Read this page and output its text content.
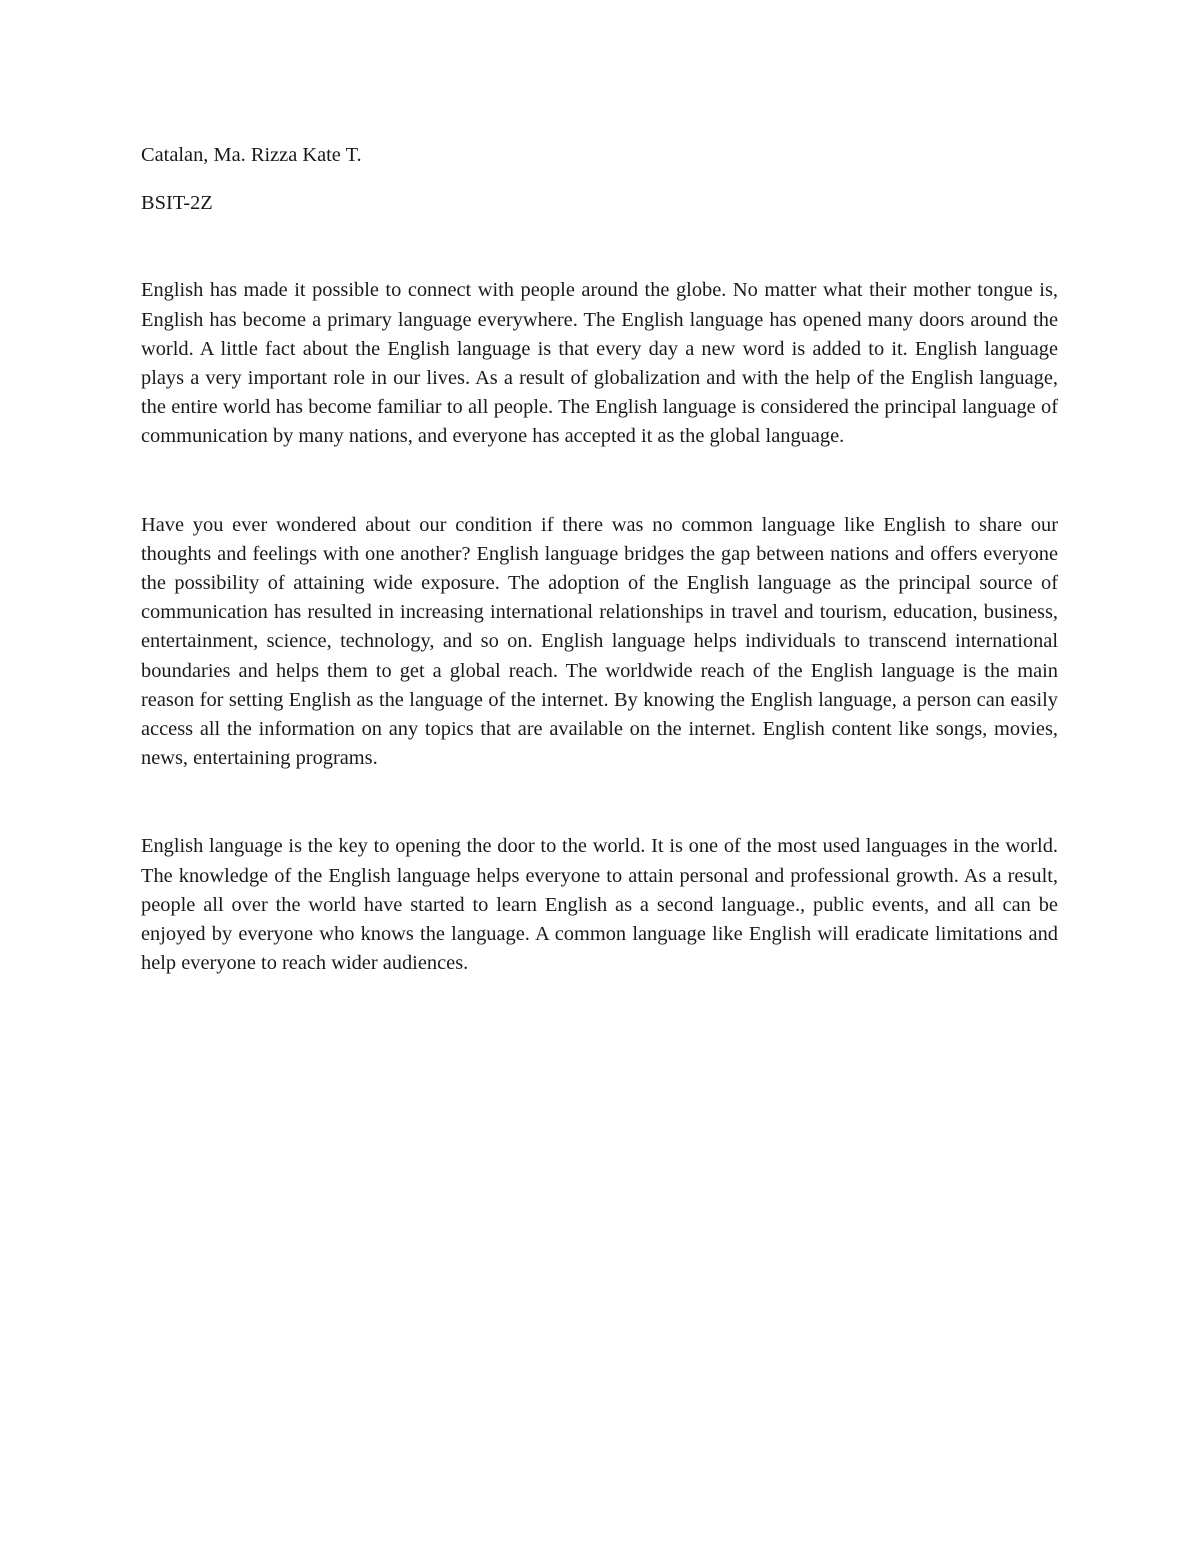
Catalan, Ma. Rizza Kate T.

BSIT-2Z

English has made it possible to connect with people around the globe. No matter what their mother tongue is, English has become a primary language everywhere. The English language has opened many doors around the world. A little fact about the English language is that every day a new word is added to it. English language plays a very important role in our lives. As a result of globalization and with the help of the English language, the entire world has become familiar to all people. The English language is considered the principal language of communication by many nations, and everyone has accepted it as the global language.

Have you ever wondered about our condition if there was no common language like English to share our thoughts and feelings with one another? English language bridges the gap between nations and offers everyone the possibility of attaining wide exposure. The adoption of the English language as the principal source of communication has resulted in increasing international relationships in travel and tourism, education, business, entertainment, science, technology, and so on. English language helps individuals to transcend international boundaries and helps them to get a global reach. The worldwide reach of the English language is the main reason for setting English as the language of the internet. By knowing the English language, a person can easily access all the information on any topics that are available on the internet. English content like songs, movies, news, entertaining programs.

English language is the key to opening the door to the world. It is one of the most used languages in the world. The knowledge of the English language helps everyone to attain personal and professional growth. As a result, people all over the world have started to learn English as a second language., public events, and all can be enjoyed by everyone who knows the language. A common language like English will eradicate limitations and help everyone to reach wider audiences.
